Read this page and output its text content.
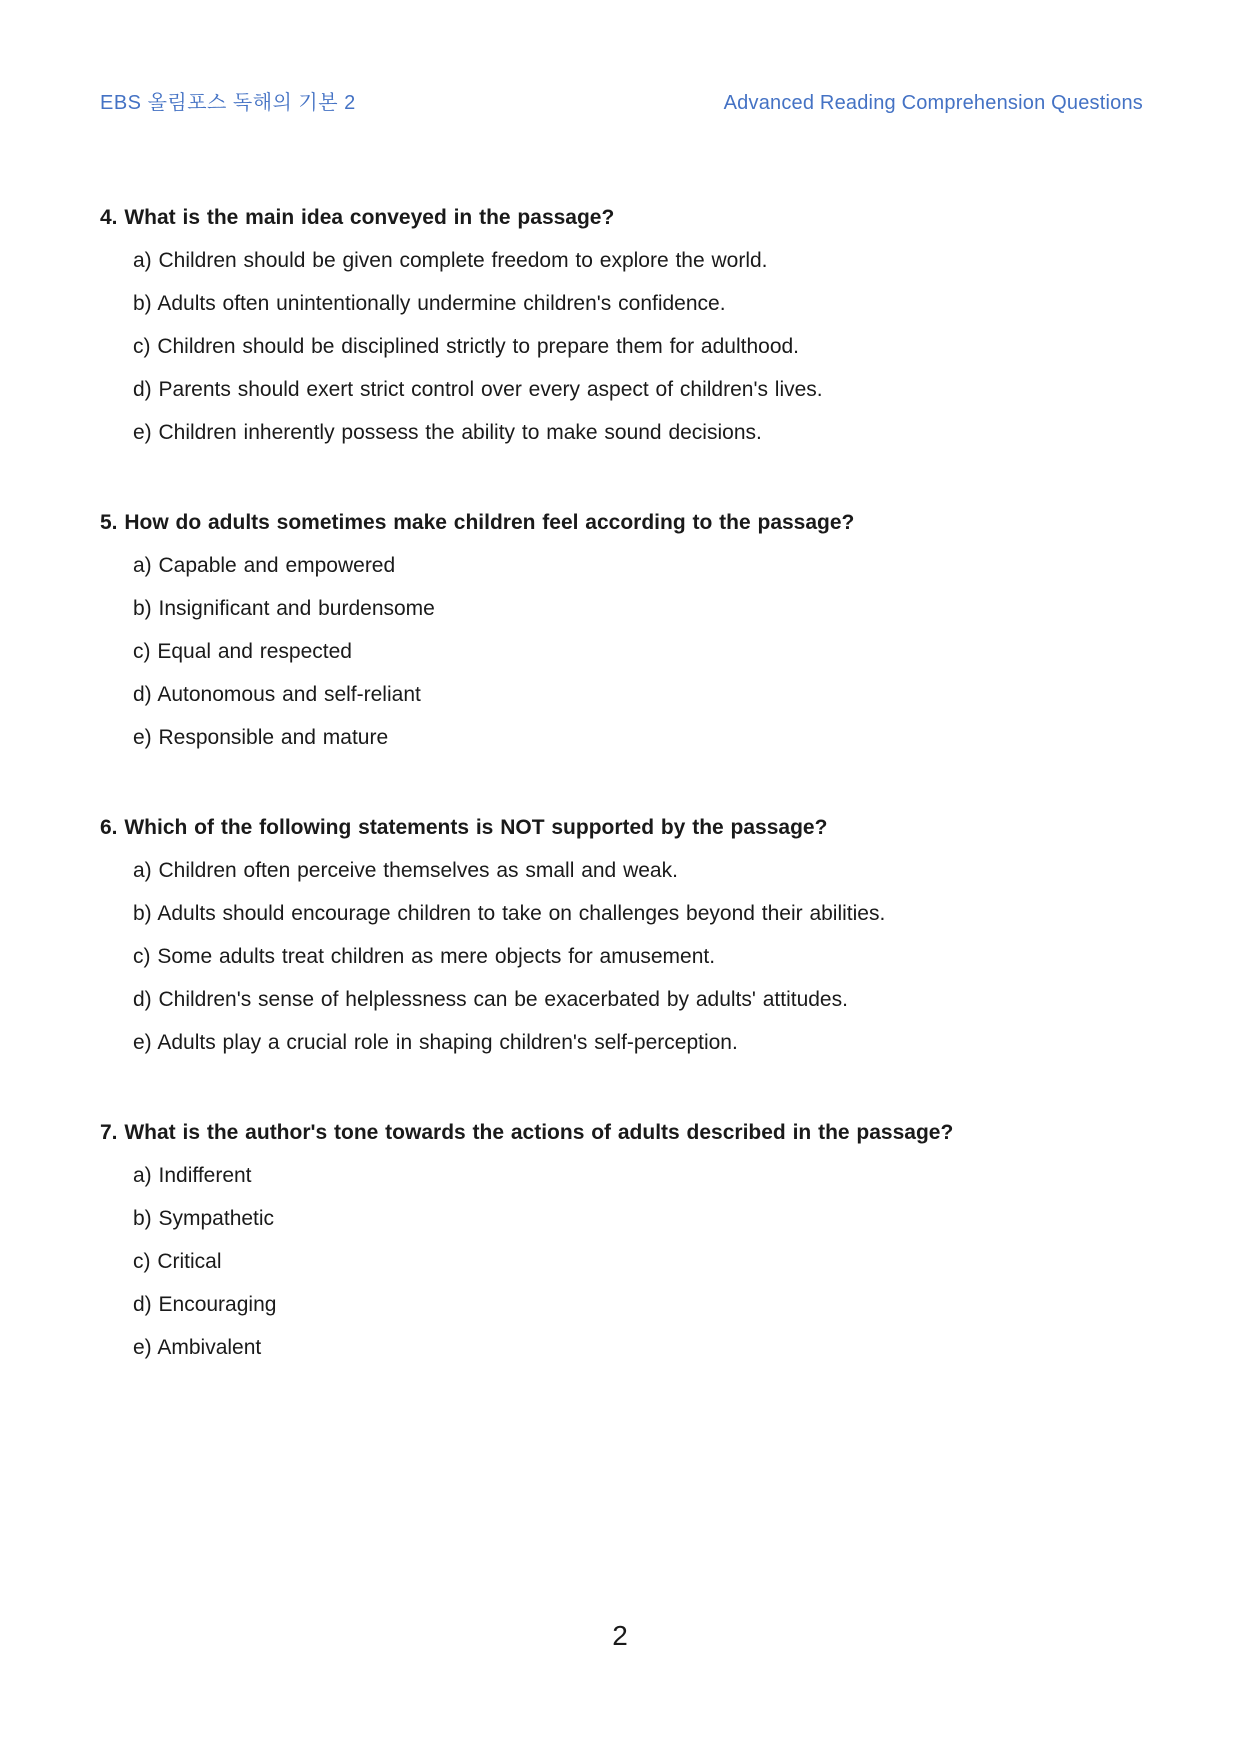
EBS 올림포스 독해의 기본 2	Advanced Reading Comprehension Questions
4. What is the main idea conveyed in the passage?

a) Children should be given complete freedom to explore the world.

b) Adults often unintentionally undermine children's confidence.

c) Children should be disciplined strictly to prepare them for adulthood.

d) Parents should exert strict control over every aspect of children's lives.

e) Children inherently possess the ability to make sound decisions.

5. How do adults sometimes make children feel according to the passage?

a) Capable and empowered

b) Insignificant and burdensome

c) Equal and respected

d) Autonomous and self-reliant

e) Responsible and mature

6. Which of the following statements is NOT supported by the passage?

a) Children often perceive themselves as small and weak.

b) Adults should encourage children to take on challenges beyond their abilities.

c) Some adults treat children as mere objects for amusement.

d) Children's sense of helplessness can be exacerbated by adults' attitudes.

e) Adults play a crucial role in shaping children's self-perception.

7. What is the author's tone towards the actions of adults described in the passage?

a) Indifferent

b) Sympathetic

c) Critical

d) Encouraging

e) Ambivalent

2
